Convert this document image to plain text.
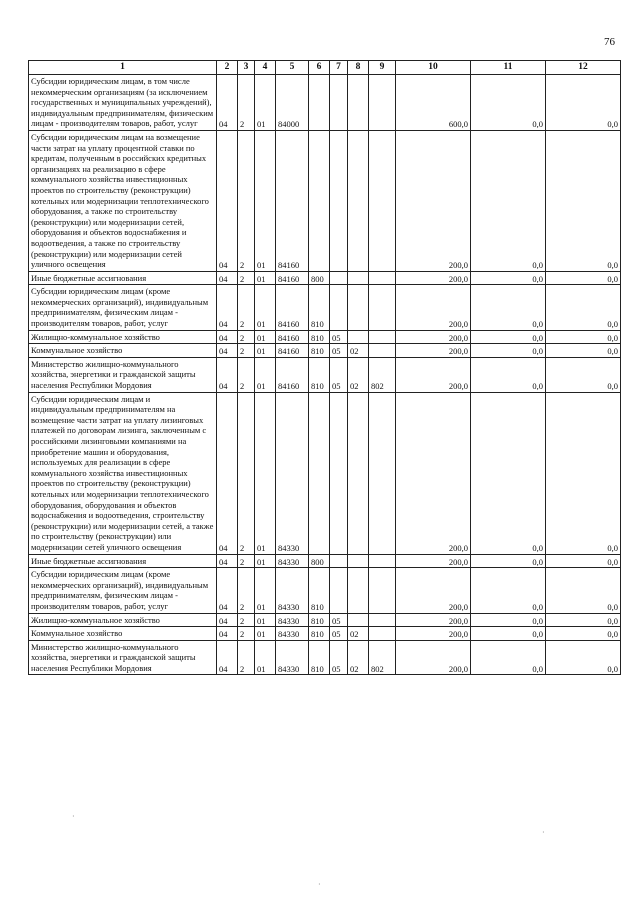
76
1	2	3	4	5	6	7	8	9	10	11	12
Субсидии юридическим лицам, в том числе некоммерческим организациям (за исключением государственных и муниципальных учреждений), индивидуальным предпринимателям, физическим лицам - производителям товаров, работ, услуг	04	2	01	84000					600,0	0,0	0,0
Субсидии юридическим лицам на возмещение части затрат на уплату процентной ставки по кредитам, полученным в российских кредитных организациях на реализацию в сфере коммунального хозяйства инвестиционных проектов по строительству (реконструкции) котельных или модернизации теплотехнического оборудования, а также по строительству (реконструкции) или модернизации сетей, оборудования и объектов водоснабжения и водоотведения, а также по строительству (реконструкции) или модернизации сетей уличного освещения	04	2	01	84160					200,0	0,0	0,0
Иные бюджетные ассигнования	04	2	01	84160	800				200,0	0,0	0,0
Субсидии юридическим лицам (кроме некоммерческих организаций), индивидуальным предпринимателям, физическим лицам - производителям товаров, работ, услуг	04	2	01	84160	810				200,0	0,0	0,0
Жилищно-коммунальное хозяйство	04	2	01	84160	810	05			200,0	0,0	0,0
Коммунальное хозяйство	04	2	01	84160	810	05	02		200,0	0,0	0,0
Министерство жилищно-коммунального хозяйства, энергетики и гражданской защиты населения Республики Мордовия	04	2	01	84160	810	05	02	802	200,0	0,0	0,0
Субсидии юридическим лицам и индивидуальным предпринимателям на возмещение части затрат на уплату лизинговых платежей по договорам лизинга, заключенным с российскими лизинговыми компаниями на приобретение машин и оборудования, используемых для реализации в сфере коммунального хозяйства инвестиционных проектов по строительству (реконструкции) котельных или модернизации теплотехнического оборудования, оборудования и объектов водоснабжения и водоотведения, строительству (реконструкции) или модернизации сетей, а также по строительству (реконструкции) или модернизации сетей уличного освещения	04	2	01	84330					200,0	0,0	0,0
Иные бюджетные ассигнования	04	2	01	84330	800				200,0	0,0	0,0
Субсидии юридическим лицам (кроме некоммерческих организаций), индивидуальным предпринимателям, физическим лицам - производителям товаров, работ, услуг	04	2	01	84330	810				200,0	0,0	0,0
Жилищно-коммунальное хозяйство	04	2	01	84330	810	05			200,0	0,0	0,0
Коммунальное хозяйство	04	2	01	84330	810	05	02		200,0	0,0	0,0
Министерство жилищно-коммунального хозяйства, энергетики и гражданской защиты населения Республики Мордовия	04	2	01	84330	810	05	02	802	200,0	0,0	0,0
·
·
·
